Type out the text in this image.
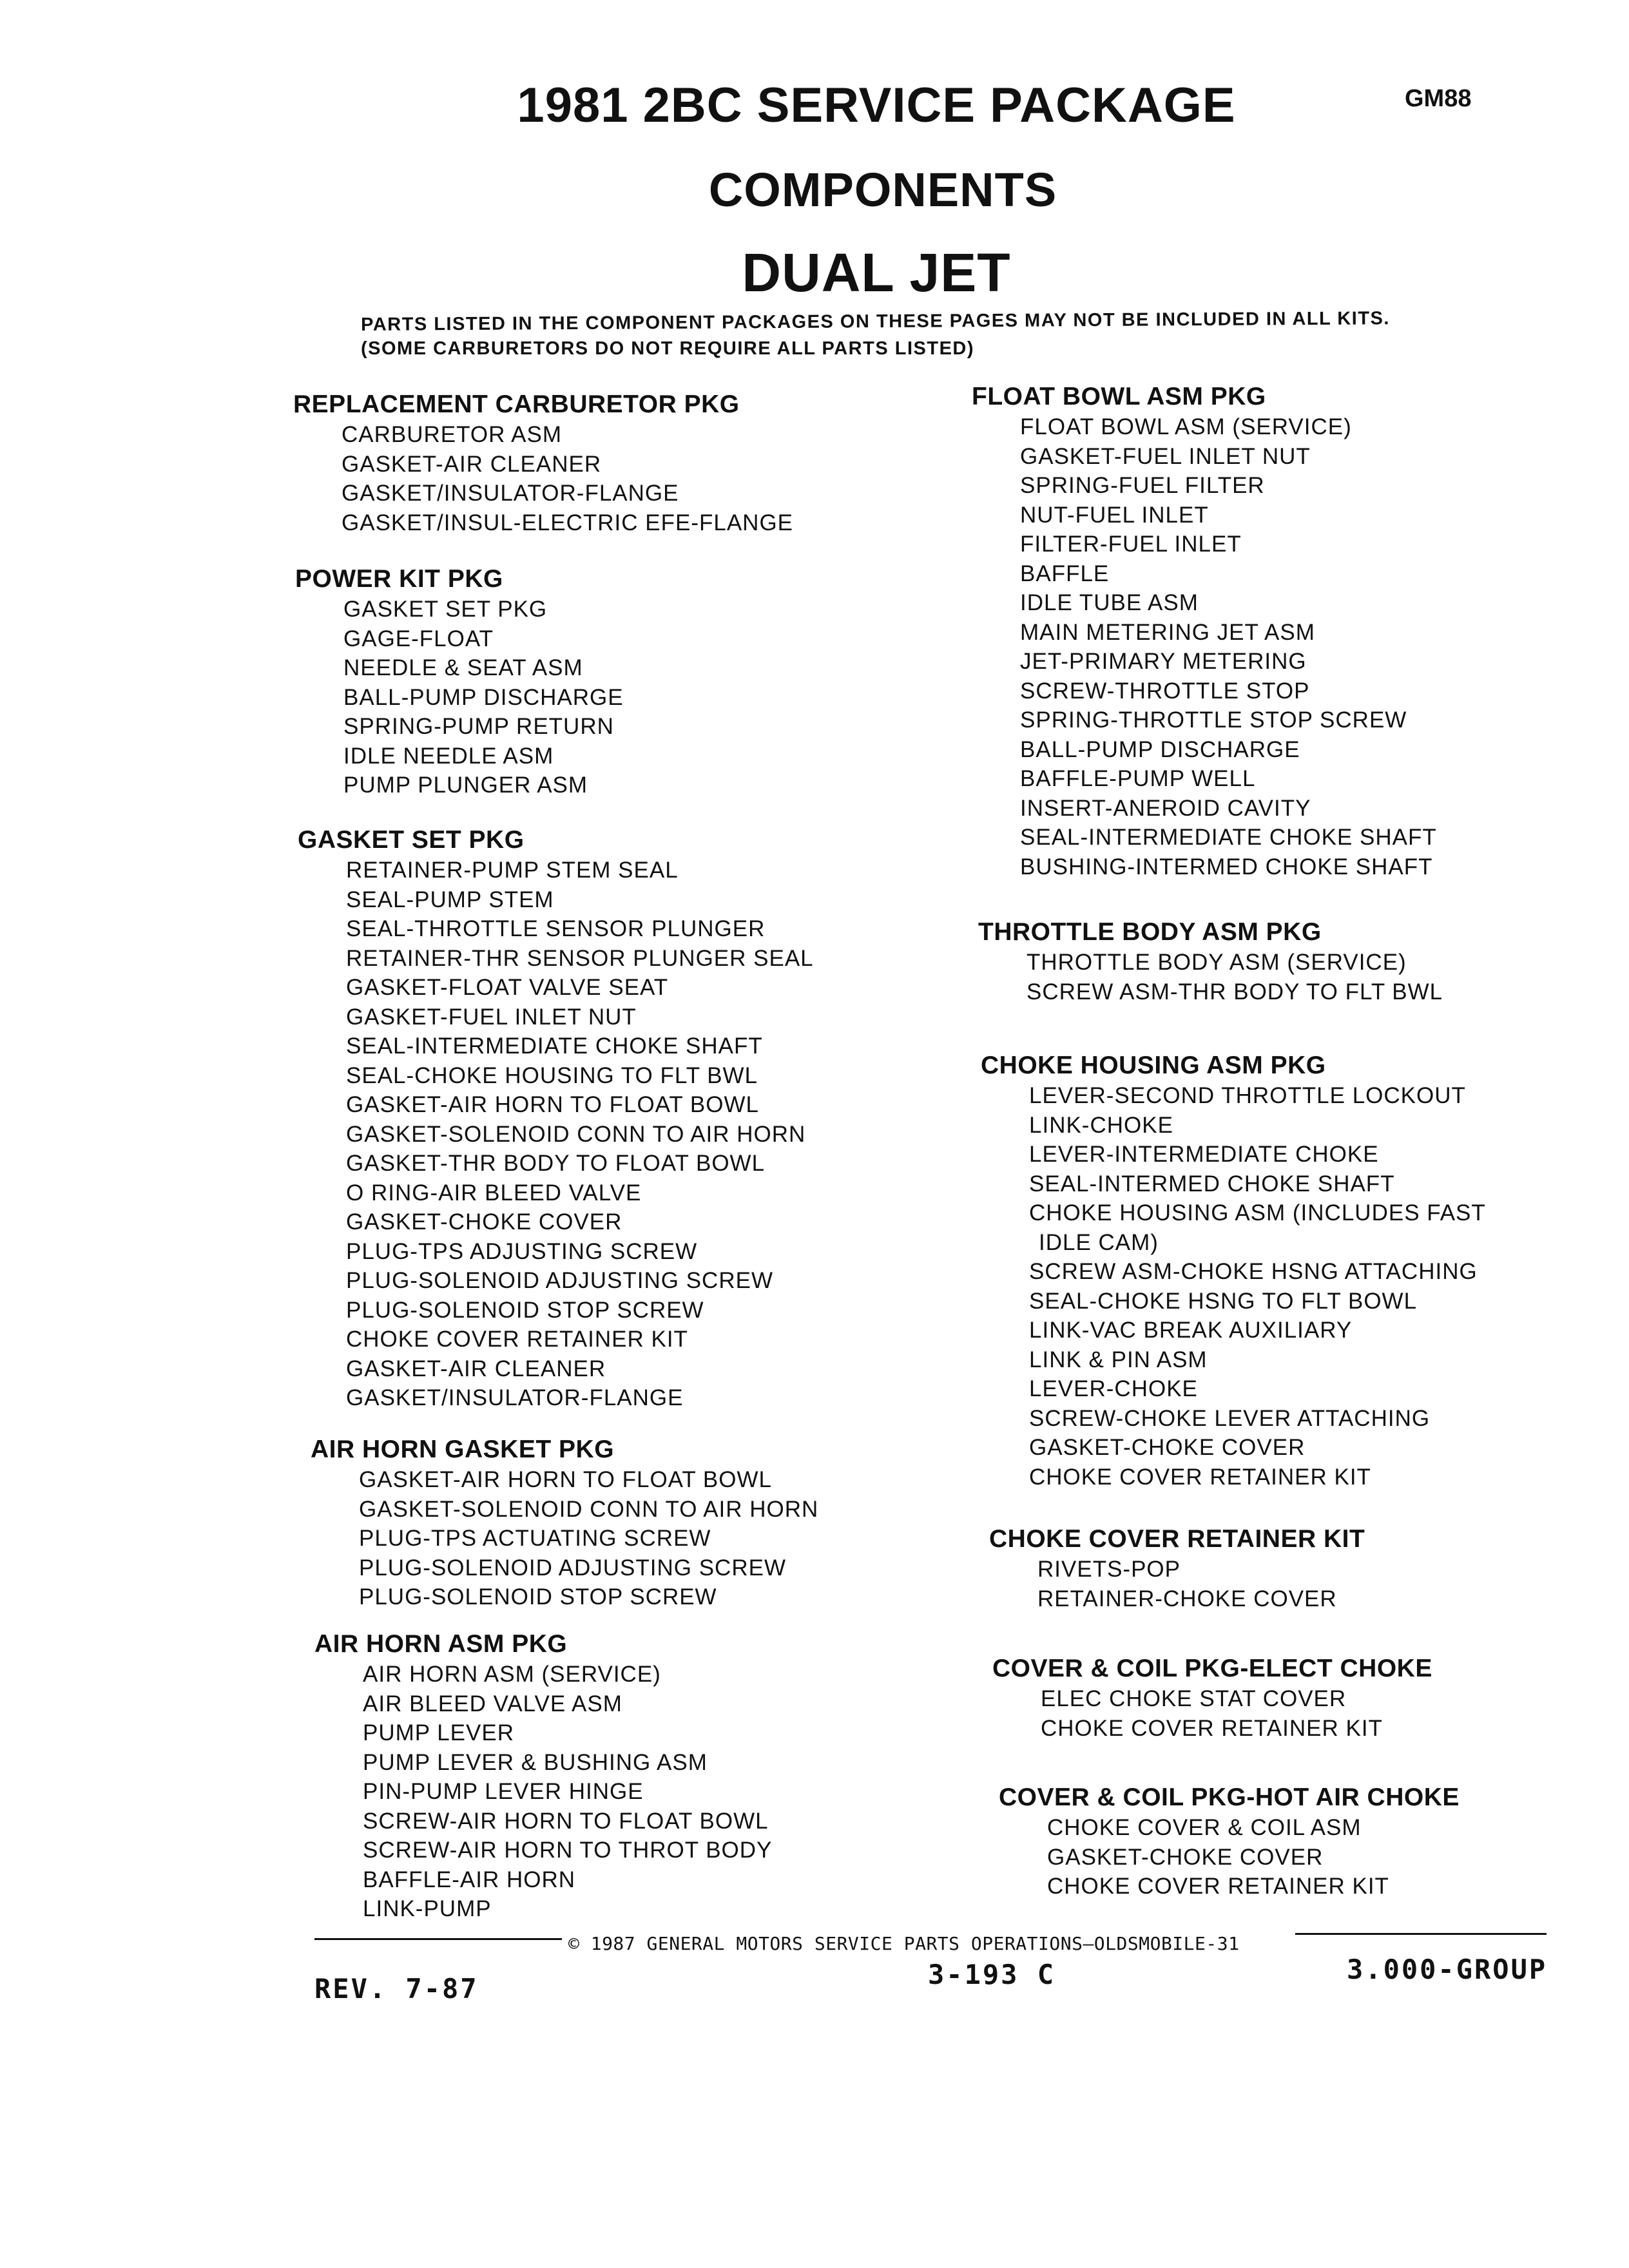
1981 2BC SERVICE PACKAGE	GM88
COMPONENTS
DUAL JET
PARTS LISTED IN THE COMPONENT PACKAGES ON THESE PAGES MAY NOT BE INCLUDED IN ALL KITS.
(SOME CARBURETORS DO NOT REQUIRE ALL PARTS LISTED)
REPLACEMENT CARBURETOR PKG
CARBURETOR ASM
GASKET-AIR CLEANER
GASKET/INSULATOR-FLANGE
GASKET/INSUL-ELECTRIC EFE-FLANGE
POWER KIT PKG
GASKET SET PKG
GAGE-FLOAT
NEEDLE & SEAT ASM
BALL-PUMP DISCHARGE
SPRING-PUMP RETURN
IDLE NEEDLE ASM
PUMP PLUNGER ASM
GASKET SET PKG
RETAINER-PUMP STEM SEAL
SEAL-PUMP STEM
SEAL-THROTTLE SENSOR PLUNGER
RETAINER-THR SENSOR PLUNGER SEAL
GASKET-FLOAT VALVE SEAT
GASKET-FUEL INLET NUT
SEAL-INTERMEDIATE CHOKE SHAFT
SEAL-CHOKE HOUSING TO FLT BWL
GASKET-AIR HORN TO FLOAT BOWL
GASKET-SOLENOID CONN TO AIR HORN
GASKET-THR BODY TO FLOAT BOWL
O RING-AIR BLEED VALVE
GASKET-CHOKE COVER
PLUG-TPS ADJUSTING SCREW
PLUG-SOLENOID ADJUSTING SCREW
PLUG-SOLENOID STOP SCREW
CHOKE COVER RETAINER KIT
GASKET-AIR CLEANER
GASKET/INSULATOR-FLANGE
AIR HORN GASKET PKG
GASKET-AIR HORN TO FLOAT BOWL
GASKET-SOLENOID CONN TO AIR HORN
PLUG-TPS ACTUATING SCREW
PLUG-SOLENOID ADJUSTING SCREW
PLUG-SOLENOID STOP SCREW
AIR HORN ASM PKG
AIR HORN ASM (SERVICE)
AIR BLEED VALVE ASM
PUMP LEVER
PUMP LEVER & BUSHING ASM
PIN-PUMP LEVER HINGE
SCREW-AIR HORN TO FLOAT BOWL
SCREW-AIR HORN TO THROT BODY
BAFFLE-AIR HORN
LINK-PUMP
FLOAT BOWL ASM PKG
FLOAT BOWL ASM (SERVICE)
GASKET-FUEL INLET NUT
SPRING-FUEL FILTER
NUT-FUEL INLET
FILTER-FUEL INLET
BAFFLE
IDLE TUBE ASM
MAIN METERING JET ASM
JET-PRIMARY METERING
SCREW-THROTTLE STOP
SPRING-THROTTLE STOP SCREW
BALL-PUMP DISCHARGE
BAFFLE-PUMP WELL
INSERT-ANEROID CAVITY
SEAL-INTERMEDIATE CHOKE SHAFT
BUSHING-INTERMED CHOKE SHAFT
THROTTLE BODY ASM PKG
THROTTLE BODY ASM (SERVICE)
SCREW ASM-THR BODY TO FLT BWL
CHOKE HOUSING ASM PKG
LEVER-SECOND THROTTLE LOCKOUT
LINK-CHOKE
LEVER-INTERMEDIATE CHOKE
SEAL-INTERMED CHOKE SHAFT
CHOKE HOUSING ASM (INCLUDES FAST
IDLE CAM)
SCREW ASM-CHOKE HSNG ATTACHING
SEAL-CHOKE HSNG TO FLT BOWL
LINK-VAC BREAK AUXILIARY
LINK & PIN ASM
LEVER-CHOKE
SCREW-CHOKE LEVER ATTACHING
GASKET-CHOKE COVER
CHOKE COVER RETAINER KIT
CHOKE COVER RETAINER KIT
RIVETS-POP
RETAINER-CHOKE COVER
COVER & COIL PKG-ELECT CHOKE
ELEC CHOKE STAT COVER
CHOKE COVER RETAINER KIT
COVER & COIL PKG-HOT AIR CHOKE
CHOKE COVER & COIL ASM
GASKET-CHOKE COVER
CHOKE COVER RETAINER KIT
© 1987 GENERAL MOTORS SERVICE PARTS OPERATIONS—OLDSMOBILE-31
REV. 7-87	3-193 C	3.000-GROUP
